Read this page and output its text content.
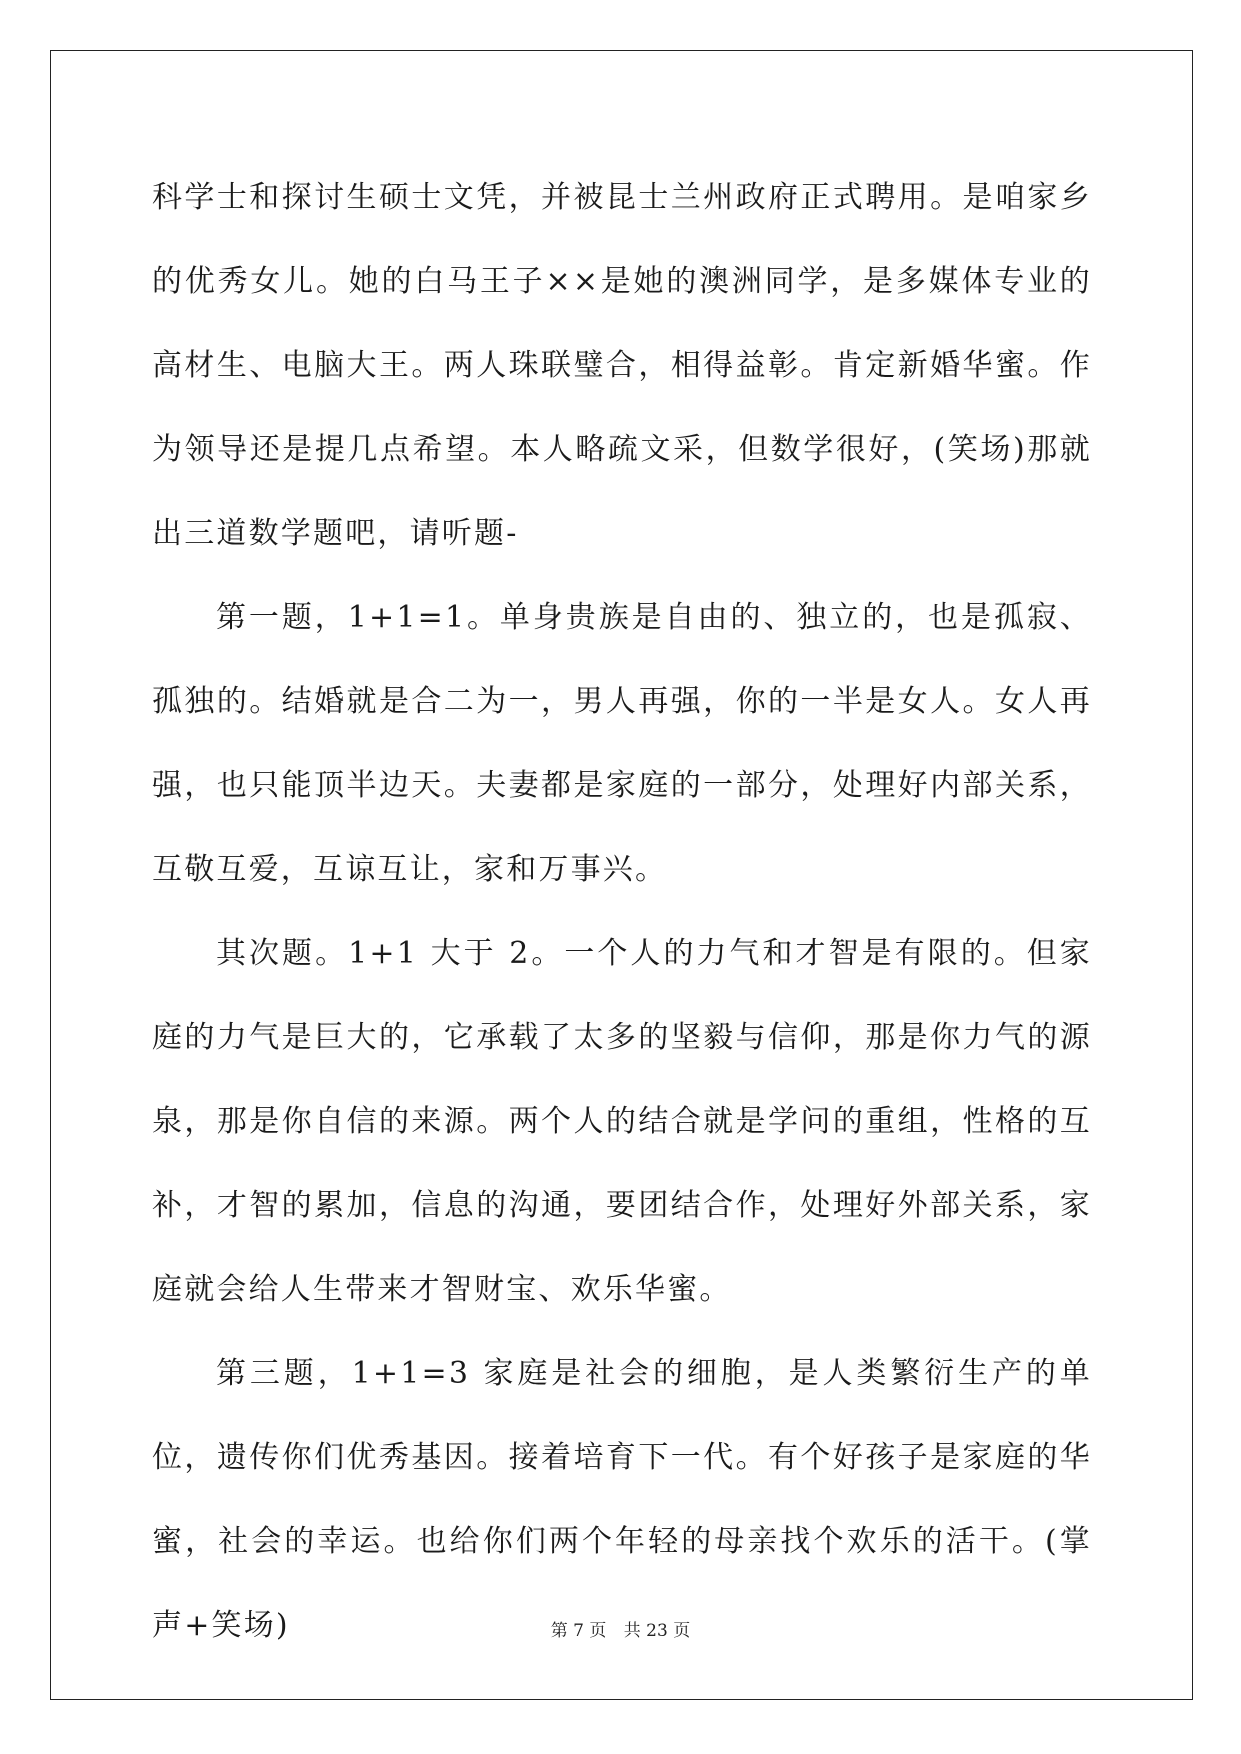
科学士和探讨生硕士文凭，并被昆士兰州政府正式聘用。是咱家乡的优秀女儿。她的白马王子××是她的澳洲同学，是多媒体专业的高材生、电脑大王。两人珠联璧合，相得益彰。肯定新婚华蜜。作为领导还是提几点希望。本人略疏文采，但数学很好，(笑场)那就出三道数学题吧，请听题-

第一题，1+1=1。单身贵族是自由的、独立的，也是孤寂、孤独的。结婚就是合二为一，男人再强，你的一半是女人。女人再强，也只能顶半边天。夫妻都是家庭的一部分，处理好内部关系，互敬互爱，互谅互让，家和万事兴。

其次题。1+1 大于 2。一个人的力气和才智是有限的。但家庭的力气是巨大的，它承载了太多的坚毅与信仰，那是你力气的源泉，那是你自信的来源。两个人的结合就是学问的重组，性格的互补，才智的累加，信息的沟通，要团结合作，处理好外部关系，家庭就会给人生带来才智财宝、欢乐华蜜。

第三题，1+1=3 家庭是社会的细胞，是人类繁衍生产的单位，遗传你们优秀基因。接着培育下一代。有个好孩子是家庭的华蜜，社会的幸运。也给你们两个年轻的母亲找个欢乐的活干。(掌声+笑场)	第 7 页 共 23 页
